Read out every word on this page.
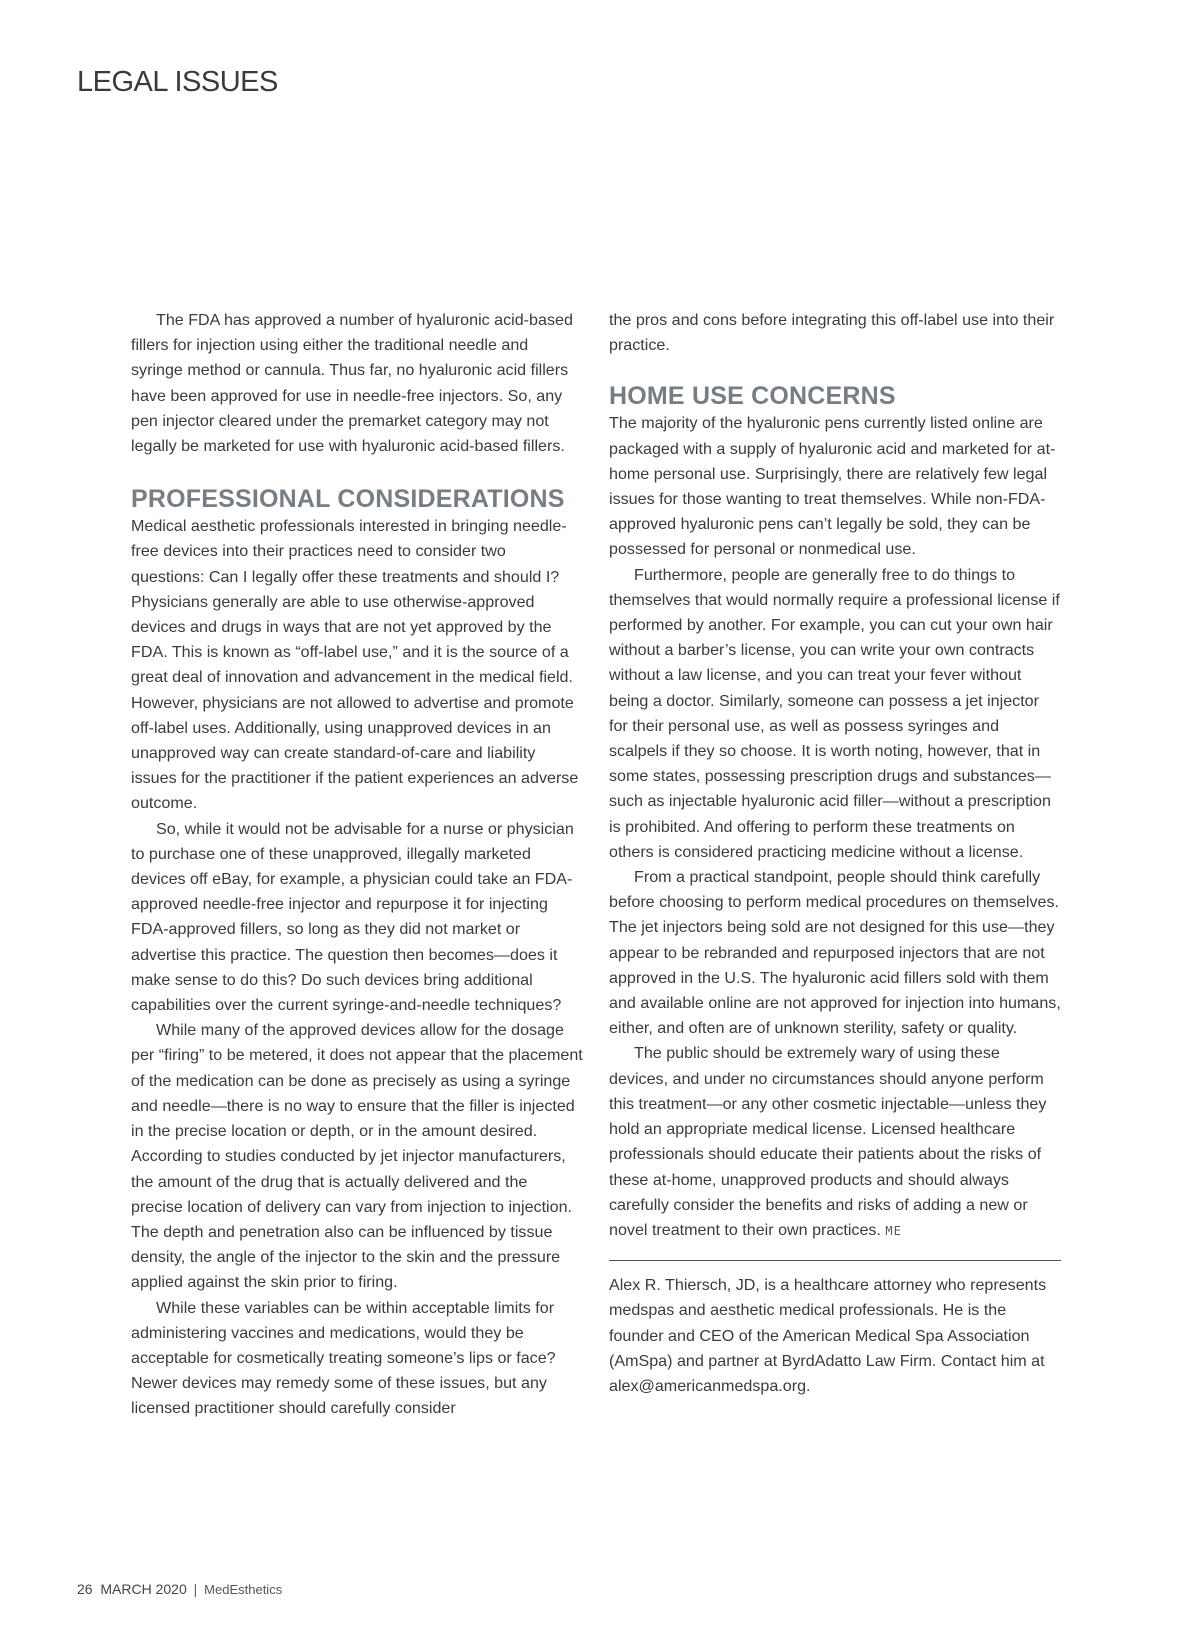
LEGAL ISSUES

The FDA has approved a number of hyaluronic acid-based fillers for injection using either the traditional needle and syringe method or cannula. Thus far, no hyaluronic acid fillers have been approved for use in needle-free injectors. So, any pen injector cleared under the premarket category may not legally be marketed for use with hyaluronic acid-based fillers.

PROFESSIONAL CONSIDERATIONS

Medical aesthetic professionals interested in bringing needle-free devices into their practices need to consider two questions: Can I legally offer these treatments and should I? Physicians generally are able to use otherwise-approved devices and drugs in ways that are not yet approved by the FDA. This is known as “off-label use,” and it is the source of a great deal of innovation and advancement in the medical field. However, physicians are not allowed to advertise and promote off-label uses. Additionally, using unapproved devices in an unapproved way can create standard-of-care and liability issues for the practitioner if the patient experiences an adverse outcome.

So, while it would not be advisable for a nurse or physician to purchase one of these unapproved, illegally marketed devices off eBay, for example, a physician could take an FDA-approved needle-free injector and repurpose it for injecting FDA-approved fillers, so long as they did not market or advertise this practice. The question then becomes—does it make sense to do this? Do such devices bring additional capabilities over the current syringe-and-needle techniques?

While many of the approved devices allow for the dosage per “firing” to be metered, it does not appear that the placement of the medication can be done as precisely as using a syringe and needle—there is no way to ensure that the filler is injected in the precise location or depth, or in the amount desired. According to studies conducted by jet injector manufacturers, the amount of the drug that is actually delivered and the precise location of delivery can vary from injection to injection. The depth and penetration also can be influenced by tissue density, the angle of the injector to the skin and the pressure applied against the skin prior to firing.

While these variables can be within acceptable limits for administering vaccines and medications, would they be acceptable for cosmetically treating someone’s lips or face? Newer devices may remedy some of these issues, but any licensed practitioner should carefully consider

the pros and cons before integrating this off-label use into their practice.

HOME USE CONCERNS

The majority of the hyaluronic pens currently listed online are packaged with a supply of hyaluronic acid and marketed for at-home personal use. Surprisingly, there are relatively few legal issues for those wanting to treat themselves. While non-FDA-approved hyaluronic pens can’t legally be sold, they can be possessed for personal or nonmedical use.

Furthermore, people are generally free to do things to themselves that would normally require a professional license if performed by another. For example, you can cut your own hair without a barber’s license, you can write your own contracts without a law license, and you can treat your fever without being a doctor. Similarly, someone can possess a jet injector for their personal use, as well as possess syringes and scalpels if they so choose. It is worth noting, however, that in some states, possessing prescription drugs and substances—such as injectable hyaluronic acid filler—without a prescription is prohibited. And offering to perform these treatments on others is considered practicing medicine without a license.

From a practical standpoint, people should think carefully before choosing to perform medical procedures on themselves. The jet injectors being sold are not designed for this use—they appear to be rebranded and repurposed injectors that are not approved in the U.S. The hyaluronic acid fillers sold with them and available online are not approved for injection into humans, either, and often are of unknown sterility, safety or quality.

The public should be extremely wary of using these devices, and under no circumstances should anyone perform this treatment—or any other cosmetic injectable—unless they hold an appropriate medical license. Licensed healthcare professionals should educate their patients about the risks of these at-home, unapproved products and should always carefully consider the benefits and risks of adding a new or novel treatment to their own practices. ME

Alex R. Thiersch, JD, is a healthcare attorney who represents medspas and aesthetic medical professionals. He is the founder and CEO of the American Medical Spa Association (AmSpa) and partner at ByrdAdatto Law Firm. Contact him at alex@americanmedspa.org.

26 MARCH 2020 | MedEsthetics
